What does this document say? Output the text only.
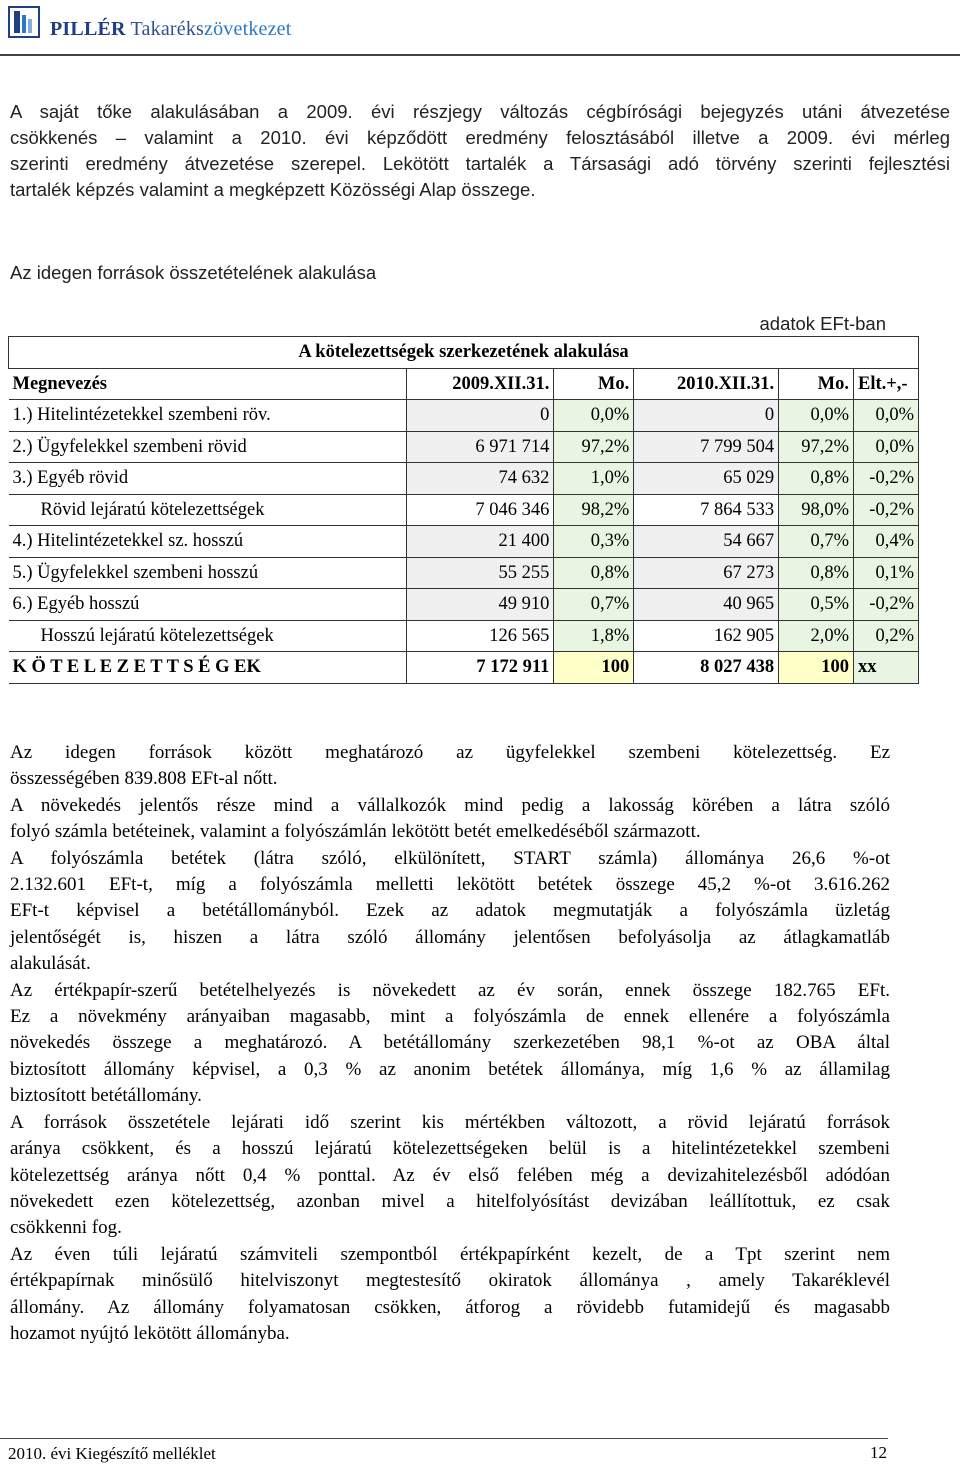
PILLÉR Takarékszövetkezet
A saját tőke alakulásában a 2009. évi részjegy változás cégbírósági bejegyzés utáni átvezetése
csökkenés – valamint a 2010. évi képződött eredmény felosztásából illetve a 2009. évi mérleg
szerinti eredmény átvezetése szerepel. Lekötött tartalék a Társasági adó törvény szerinti fejlesztési
tartalék képzés valamint a megképzett Közösségi Alap összege.
Az idegen források összetételének alakulása
adatok EFt-ban
A kötelezettségek szerkezetének alakulása					
Megnevezés	2009.XII.31.	Mo.	2010.XII.31.	Mo.	Elt.+,-
1.) Hitelintézetekkel szembeni röv.	0	0,0%	0	0,0%	0,0%
2.) Ügyfelekkel szembeni rövid	6 971 714	97,2%	7 799 504	97,2%	0,0%
3.) Egyéb rövid	74 632	1,0%	65 029	0,8%	-0,2%
Rövid lejáratú kötelezettségek	7 046 346	98,2%	7 864 533	98,0%	-0,2%
4.) Hitelintézetekkel sz. hosszú	21 400	0,3%	54 667	0,7%	0,4%
5.) Ügyfelekkel szembeni hosszú	55 255	0,8%	67 273	0,8%	0,1%
6.) Egyéb hosszú	49 910	0,7%	40 965	0,5%	-0,2%
Hosszú lejáratú kötelezettségek	126 565	1,8%	162 905	2,0%	0,2%
K Ö T E L E Z E T T S É G EK	7 172 911	100	8 027 438	100	xx
Az idegen források között meghatározó az ügyfelekkel szembeni kötelezettség. Ez
összességében 839.808 EFt-al nőtt.
A növekedés jelentős része mind a vállalkozók mind pedig a lakosság körében a látra szóló
folyó számla betéteinek, valamint a folyószámlán lekötött betét emelkedéséből származott.
A folyószámla betétek (látra szóló, elkülönített, START számla) állománya 26,6 %-ot
2.132.601 EFt-t, míg a folyószámla melletti lekötött betétek összege 45,2 %-ot 3.616.262
EFt-t képvisel a betétállományból. Ezek az adatok megmutatják a folyószámla üzletág
jelentőségét is, hiszen a látra szóló állomány jelentősen befolyásolja az átlagkamatláb
alakulását.
Az értékpapír-szerű betételhelyezés is növekedett az év során, ennek összege 182.765 EFt.
Ez a növekmény arányaiban magasabb, mint a folyószámla de ennek ellenére a folyószámla
növekedés összege a meghatározó. A betétállomány szerkezetében 98,1 %-ot az OBA által
biztosított állomány képvisel, a 0,3 % az anonim betétek állománya, míg 1,6 % az államilag
biztosított betétállomány.
A források összetétele lejárati idő szerint kis mértékben változott, a rövid lejáratú források
aránya csökkent, és a hosszú lejáratú kötelezettségeken belül is a hitelintézetekkel szembeni
kötelezettség aránya nőtt 0,4 % ponttal. Az év első felében még a devizahitelezésből adódóan
növekedett ezen kötelezettség, azonban mivel a hitelfolyósítást devizában leállítottuk, ez csak
csökkenni fog.
Az éven túli lejáratú számviteli szempontból értékpapírként kezelt, de a Tpt szerint nem
értékpapírnak minősülő hitelviszonyt megtestesítő okiratok állománya , amely Takaréklevél
állomány. Az állomány folyamatosan csökken, átforog a rövidebb futamidejű és magasabb
hozamot nyújtó lekötött állományba.
2010. évi Kiegészítő melléklet	12
